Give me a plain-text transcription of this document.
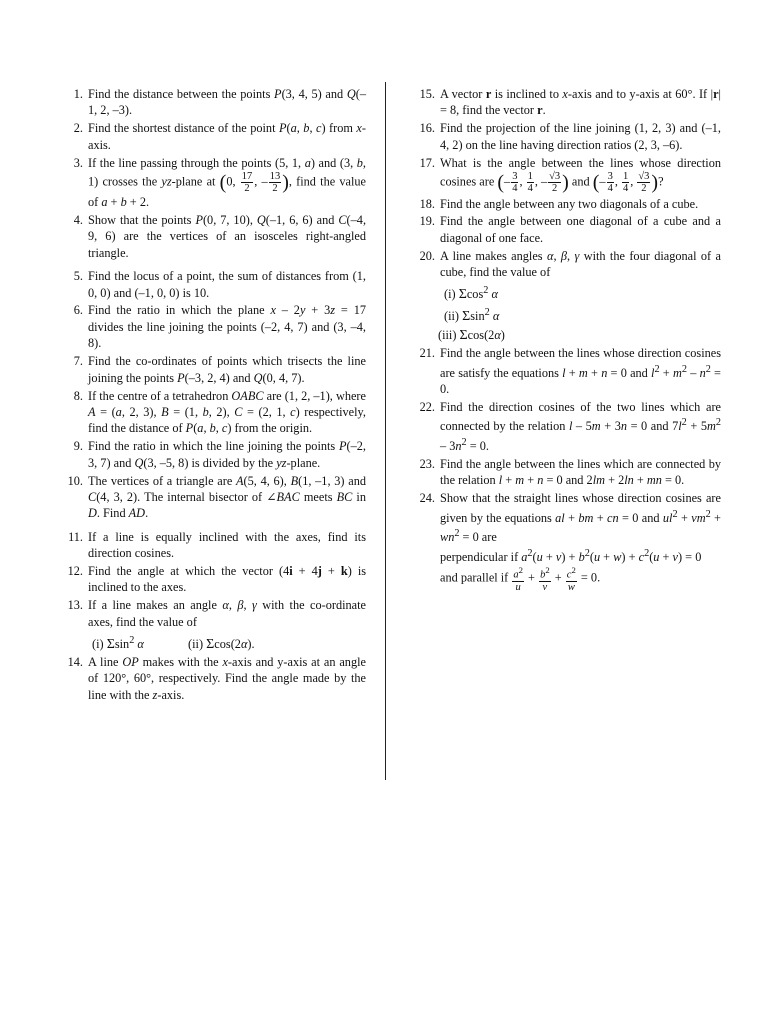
1. Find the distance between the points P(3, 4, 5) and Q(–1, 2, –3).
2. Find the shortest distance of the point P(a, b, c) from x-axis.
3. If the line passing through the points (5, 1, a) and (3, b, 1) crosses the yz-plane at (0, $\frac{17}{2}$ , – $\frac{13}{2}$ ), find the value of a + b + 2.
4. Show that the points P(0, 7, 10), Q(–1, 6, 6) and C(–4, 9, 6) are the vertices of an isosceles right-angled triangle.
5. Find the locus of a point, the sum of distances from (1, 0, 0) and (–1, 0, 0) is 10.
6. Find the ratio in which the plane x – 2y + 3z = 17 divides the line joining the points (–2, 4, 7) and (3, –4, 8).
7. Find the co-ordinates of points which trisects the line joining the points P(–3, 2, 4) and Q(0, 4, 7).
8. If the centre of a tetrahedron OABC are (1, 2, –1), where A = (a, 2, 3), B = (1, b, 2), C = (2, 1, c) respectively, find the distance of P(a, b, c) from the origin.
9. Find the ratio in which the line joining the points P(–2, 3, 7) and Q(3, –5, 8) is divided by the yz-plane.
10. The vertices of a triangle are A(5, 4, 6), B(1, –1, 3) and C(4, 3, 2). The internal bisector of ∠BAC meets BC in D. Find AD.
11. If a line is equally inclined with the axes, find its direction cosines.
12. Find the angle at which the vector (4i + 4j + k) is inclined to the axes.
13. If a line makes an angle α, β, γ with the co-ordinate axes, find the value of
(i) Σsin$^2$ α	(ii) Σcos(2α).
14. A line OP makes with the x-axis and y-axis at an angle of 120°, 60°, respectively. Find the angle made by the line with the z-axis.
15. A vector r is inclined to x-axis and to y-axis at 60°. If |r| = 8, find the vector r.
16. Find the projection of the line joining (1, 2, 3) and (–1, 4, 2) on the line having direction ratios (2, 3, –6).
17. What is the angle between the lines whose direction cosines are (– $\frac{3}{4}$ , $\frac{1}{4}$ , – $\frac{√3}{2}$ ) and (– $\frac{3}{4}$ , $\frac{1}{4}$ , $\frac{√3}{2}$ )?
18. Find the angle between any two diagonals of a cube.
19. Find the angle between one diagonal of a cube and a diagonal of one face.
20. A line makes angles α, β, γ with the four diagonal of a cube, find the value of
(i) Σcos$^2$ α
(ii) Σsin$^2$ α
(iii) Σcos(2α)
21. Find the angle between the lines whose direction cosines are satisfy the equations l + m + n = 0 and $l^2 + m^2 - n^2 = 0$.
22. Find the direction cosines of the two lines which are connected by the relation l – 5m + 3n = 0 and $7l^2 + 5m^2 - 3n^2 = 0$.
23. Find the angle between the lines which are connected by the relation l + m + n = 0 and 2lm + 2ln + mn = 0.
24. Show that the straight lines whose direction cosines are given by the equations al + bm + cn = 0 and $ul^2 + vm^2 + wn^2 = 0$ are
perpendicular if $a^2(u + v) + b^2(u + w) + c^2(u + v) = 0$
and parallel if $\frac{a^2}{u} + \frac{b^2}{v} + \frac{c^2}{w} = 0$.
